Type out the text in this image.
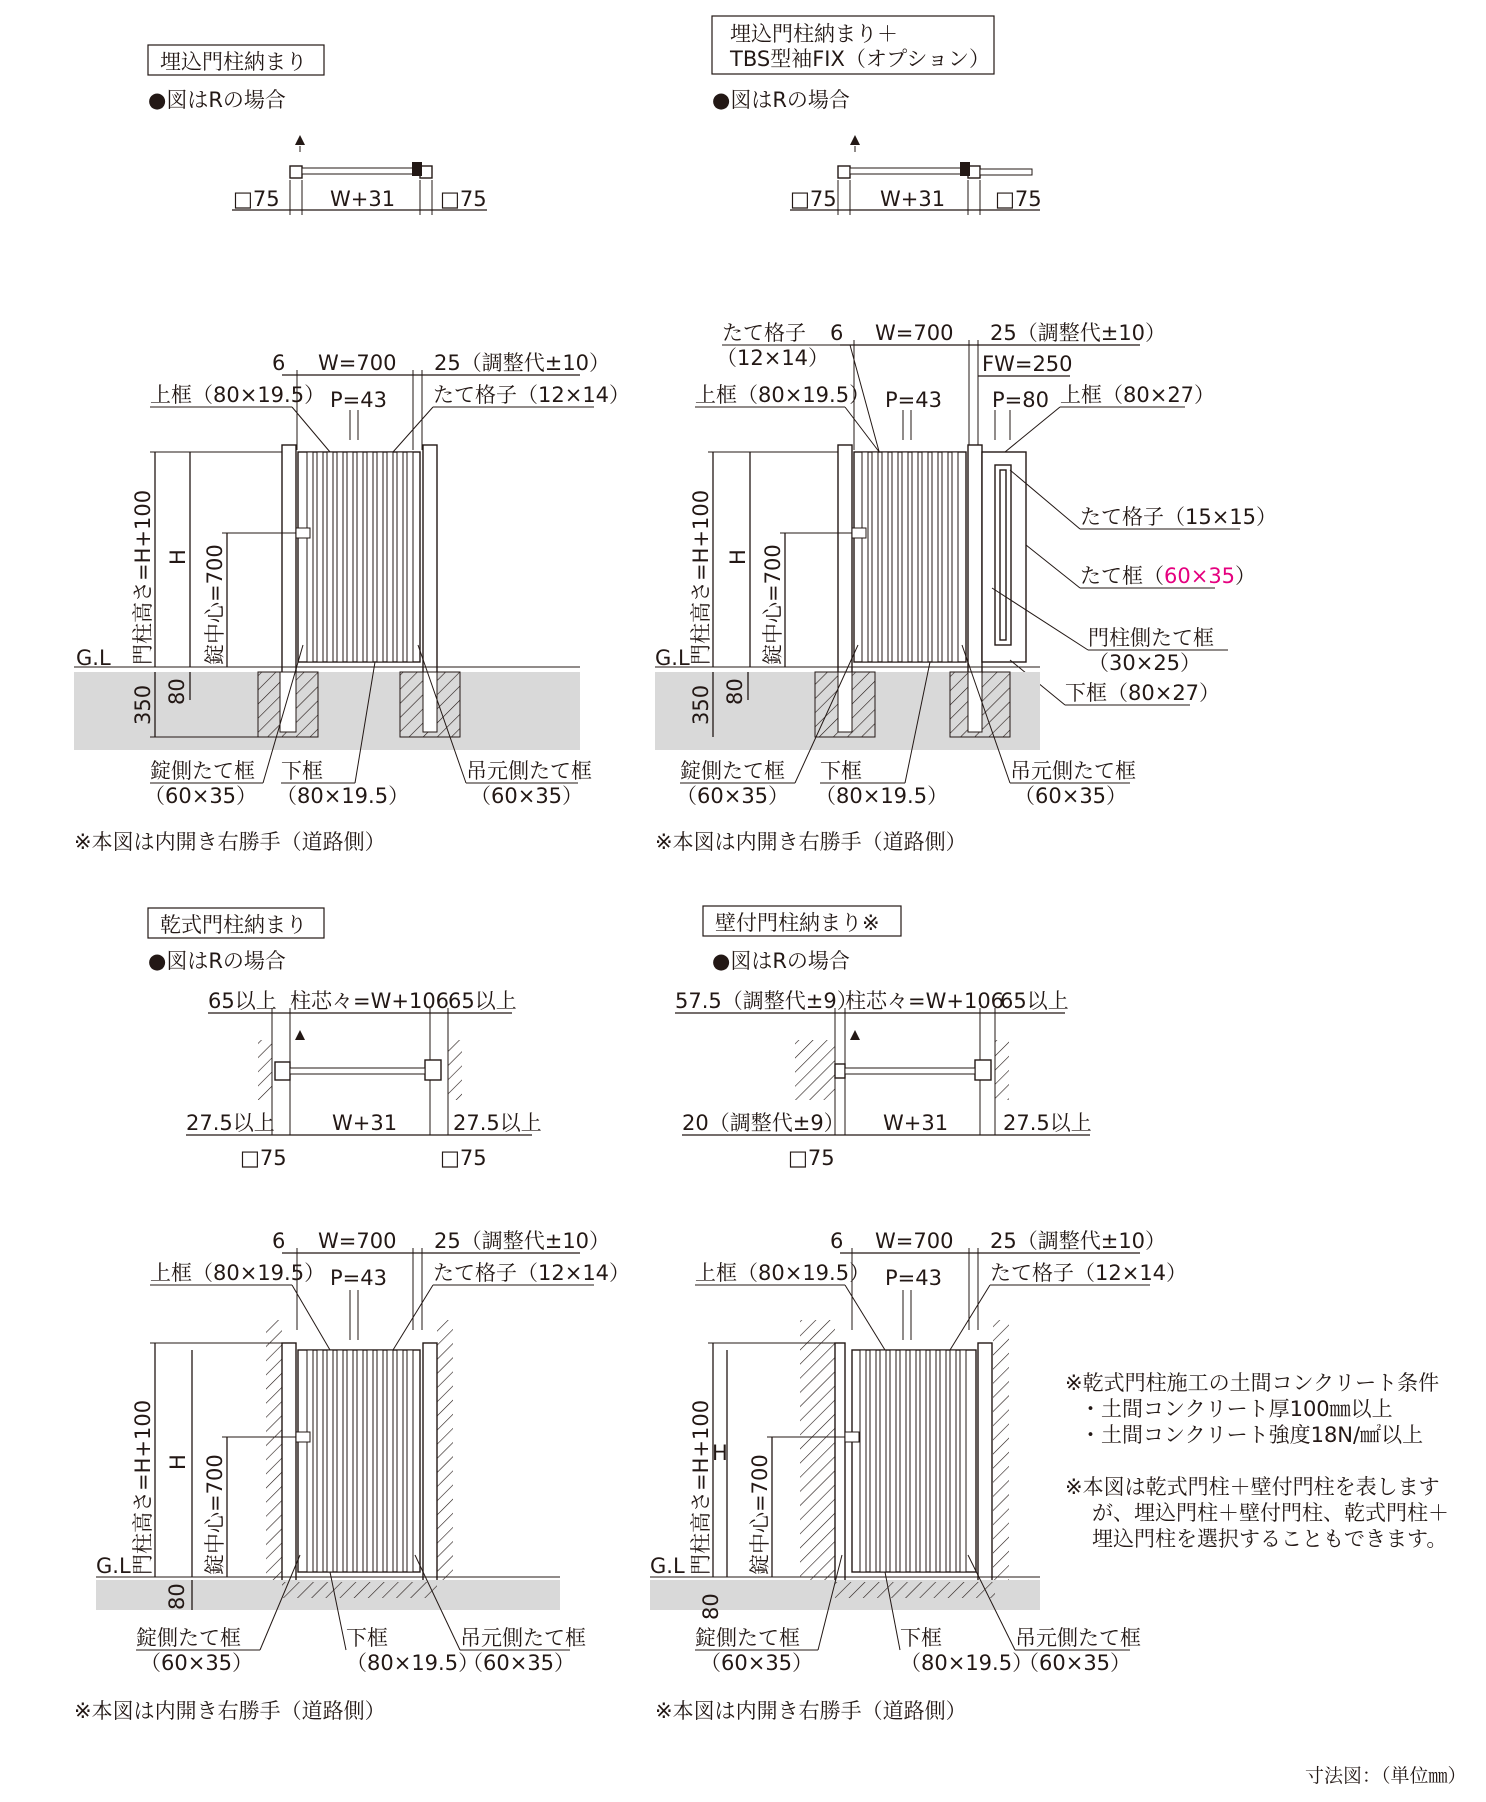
埋込門柱納まり
●図はRの場合
□75 W+31 □75
6 W=700 25（調整代±10）
上框（80×19.5） P=43 たて格子（12×14）
門柱高さ=H+100 H 錠中心=700
G.L
350 80
錠側たて框
（60×35）
下框
（80×19.5）
吊元側たて框
（60×35）
※本図は内開き右勝手（道路側）
埋込門柱納まり＋
TBS型袖FIX（オプション）
●図はRの場合
□75 W+31 □75
たて格子
（12×14）
6 W=700 25（調整代±10）
FW=250
上框（80×19.5） P=43 P=80 上框（80×27）
たて格子（15×15）
たて框（60×35）
門柱側たて框
（30×25）
下框（80×27）
門柱高さ=H+100 H 錠中心=700
G.L
350 80
錠側たて框
（60×35）
下框
（80×19.5）
吊元側たて框
（60×35）
※本図は内開き右勝手（道路側）
乾式門柱納まり
●図はRの場合
65以上 柱芯々=W+106
65以上
27.5以上	W+31	27.5以上
□75	□75
6 W=700 25（調整代±10）
上框（80×19.5） P=43 たて格子（12×14）
門柱高さ=H+100 H 錠中心=700
G.L
80
錠側たて框
（60×35）
下框
（80×19.5）
吊元側たて框
（60×35）
※本図は内開き右勝手（道路側）
壁付門柱納まり※
●図はRの場合
57.5（調整代±9）
柱芯々=W+106
65以上
20（調整代±9） W+31	27.5以上
□75
6 W=700 25（調整代±10）
上框（80×19.5） P=43 たて格子（12×14）
門柱高さ=H+100 H
錠中心=700
G.L
80
錠側たて框
（60×35）
下框
（80×19.5）
吊元側たて框
（60×35）
※本図は内開き右勝手（道路側）
※乾式門柱施工の土間コンクリート条件
・土間コンクリート厚100㎜以上
・土間コンクリート強度18N/㎟以上
※本図は乾式門柱＋壁付門柱を表します
が、埋込門柱＋壁付門柱、乾式門柱＋
埋込門柱を選択することもできます。
寸法図：（単位㎜）
